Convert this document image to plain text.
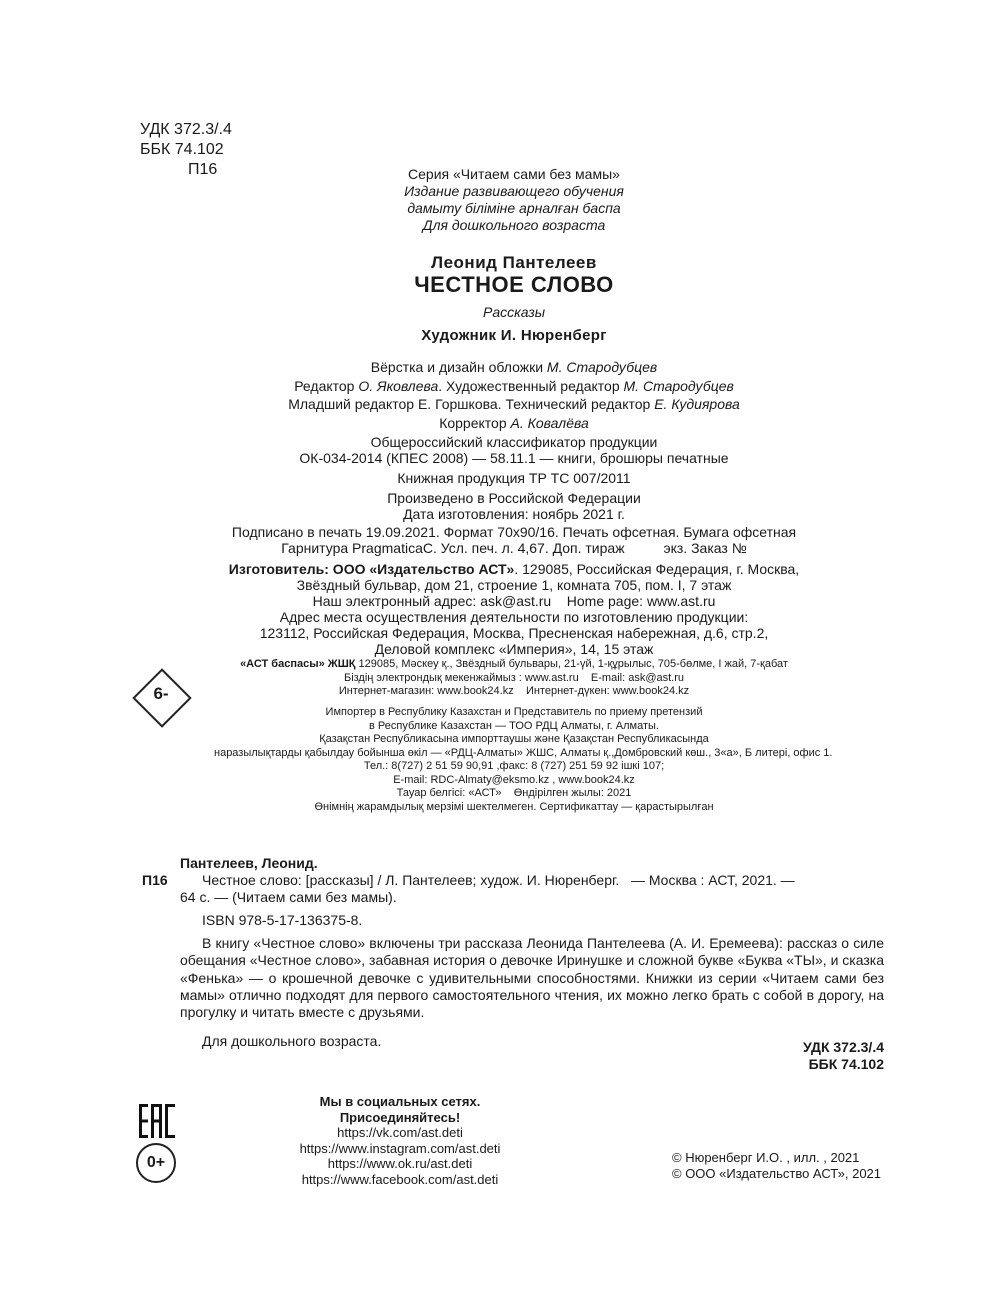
УДК 372.3/.4
ББК 74.102
П16	Серия «Читаем сами без мамы»
Издание развивающего обучения
дамыту біліміне арналған баспа
Для дошкольного возраста
Леонид Пантелеев
ЧЕСТНОЕ СЛОВО
Рассказы
Художник И. Нюренберг
Вёрстка и дизайн обложки М. Стародубцев
Редактор О. Яковлева. Художественный редактор М. Стародубцев
Младший редактор Е. Горшкова. Технический редактор Е. Кудиярова
Корректор А. Ковалёва
Общероссийский классификатор продукции
ОК-034-2014 (КПЕС 2008) — 58.11.1 — книги, брошюры печатные
Книжная продукция ТР ТС 007/2011
Произведено в Российской Федерации
Дата изготовления: ноябрь 2021 г.
Подписано в печать 19.09.2021. Формат 70x90/16. Печать офсетная. Бумага офсетная
Гарнитура PragmaticaC. Усл. печ. л. 4,67. Доп. тираж          экз. Заказ №
Изготовитель: ООО «Издательство АСТ». 129085, Российская Федерация, г. Москва,
Звёздный бульвар, дом 21, строение 1, комната 705, пом. I, 7 этаж
Наш электронный адрес: ask@ast.ru    Home page: www.ast.ru
Адрес места осуществления деятельности по изготовлению продукции:
123112, Российская Федерация, Москва, Пресненская набережная, д.6, стр.2,
Деловой комплекс «Империя», 14, 15 этаж
«АСТ баспасы» ЖШҚ 129085, Мәскеу қ., Звёздный бульвары, 21-үй, 1-құрылыс, 705-бөлме, I жай, 7-қабат
Біздің электрондық мекенжаймыз : www.ast.ru    E-mail: ask@ast.ru
Интернет-магазин: www.book24.kz    Интернет-дүкен: www.book24.kz
6-
Импортер в Республику Казахстан и Представитель по приему претензий
в Республике Казахстан — ТОО РДЦ Алматы, г. Алматы.
Қазақстан Республикасына импорттаушы және Қазақстан Республикасында
наразылықтарды қабылдау бойынша өкіл — «РДЦ-Алматы» ЖШС, Алматы қ.,Домбровский көш., 3«а», Б литері, офис 1.
Тел.: 8(727) 2 51 59 90,91 ,факс: 8 (727) 251 59 92 ішкі 107;
E-mail: RDC-Almaty@eksmo.kz , www.book24.kz
Тауар белгісі: «АСТ»    Өндірілген жылы: 2021
Өнімнің жарамдылық мерзімі шектелмеген. Сертификаттау — қарастырылған
Пантелеев, Леонид.
П16 Честное слово: [рассказы] / Л. Пантелеев; худож. И. Нюренберг.   — Москва : АСТ, 2021. —
64 с. — (Читаем сами без мамы).
ISBN 978-5-17-136375-8.
В книгу «Честное слово» включены три рассказа Леонида Пантелеева (А. И. Еремеева): рассказ о силе обещания «Честное слово», забавная история о девочке Иринушке и сложной букве «Буква «ТЫ», и сказка «Фенька» — о крошечной девочке с удивительными способностями. Книжки из серии «Читаем сами без мамы» отлично подходят для первого самостоятельного чтения, их можно легко брать с собой в дорогу, на прогулку и читать вместе с друзьями.
Для дошкольного возраста.	УДК 372.3/.4
ББК 74.102
0+
Мы в социальных сетях.
Присоединяйтесь!
https://vk.com/ast.deti
https://www.instagram.com/ast.deti
https://www.ok.ru/ast.deti
https://www.facebook.com/ast.deti
© Нюренберг И.О. , илл. , 2021
© ООО «Издательство АСТ», 2021
